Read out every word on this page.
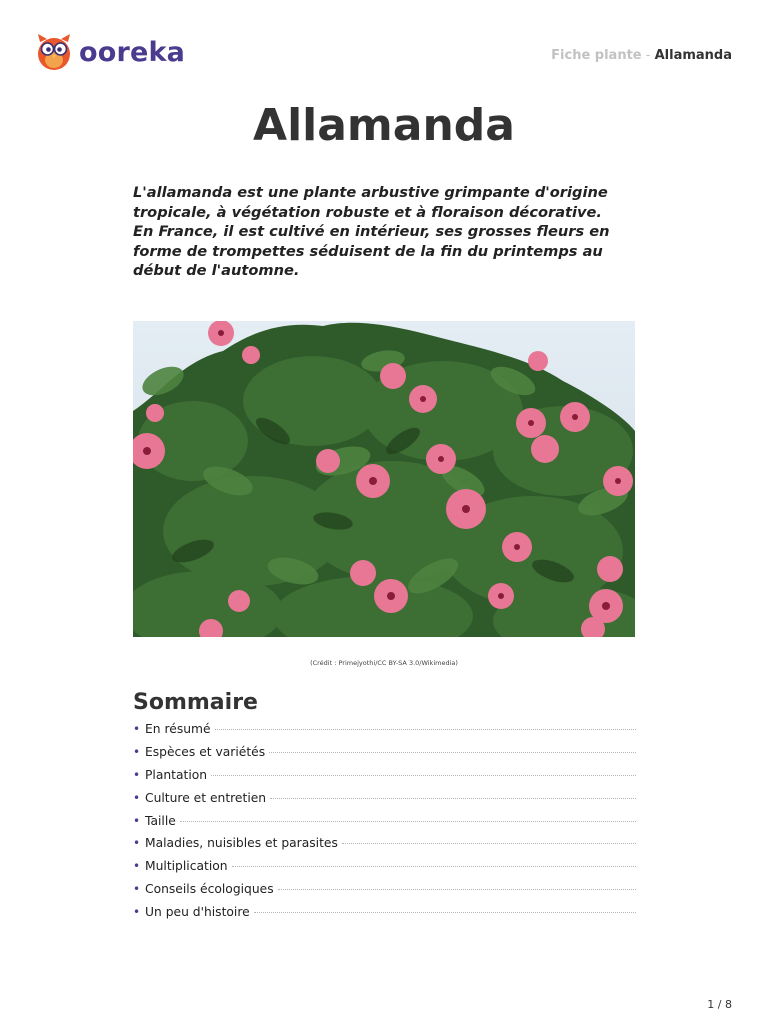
ooreka	Fiche plante - Allamanda
Allamanda

L'allamanda est une plante arbustive grimpante d'origine tropicale, à végétation robuste et à floraison décorative. En France, il est cultivé en intérieur, ses grosses fleurs en forme de trompettes séduisent de la fin du printemps au début de l'automne.

(Crédit : Primejyothi/CC BY-SA 3.0/Wikimedia)
Sommaire
• En résumé
• Espèces et variétés
• Plantation
• Culture et entretien
• Taille
• Maladies, nuisibles et parasites
• Multiplication
• Conseils écologiques
• Un peu d'histoire
1 / 8
